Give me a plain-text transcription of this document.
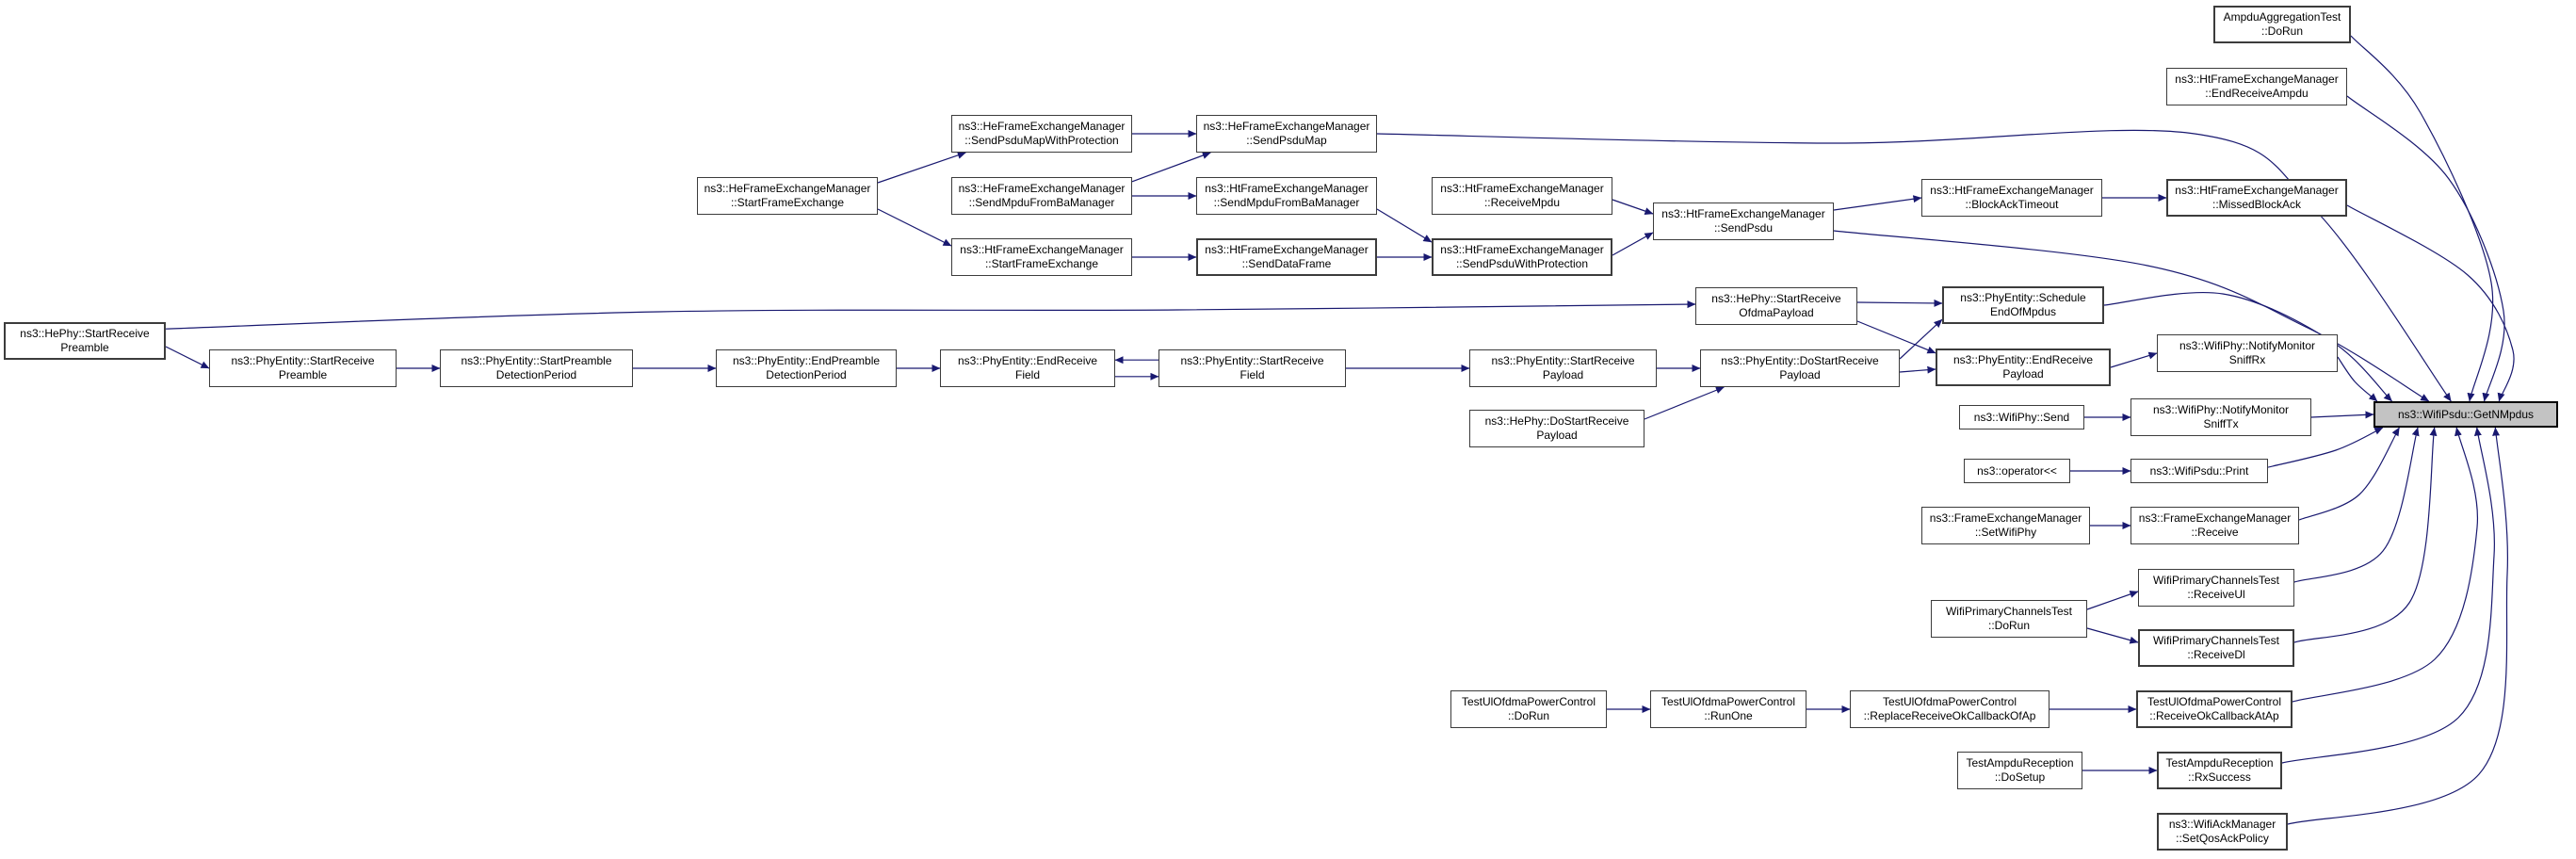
ns3::HePhy::StartReceive
Preamble
ns3::PhyEntity::StartReceive
Preamble
ns3::PhyEntity::StartPreamble
DetectionPeriod
ns3::PhyEntity::EndPreamble
DetectionPeriod
ns3::PhyEntity::EndReceive
Field
ns3::PhyEntity::StartReceive
Field
ns3::PhyEntity::StartReceive
Payload
ns3::PhyEntity::DoStartReceive
Payload
ns3::HePhy::StartReceive
OfdmaPayload
ns3::HePhy::DoStartReceive
Payload
ns3::PhyEntity::Schedule
EndOfMpdus
ns3::PhyEntity::EndReceive
Payload
ns3::WifiPhy::NotifyMonitor
SniffRx
ns3::WifiPhy::NotifyMonitor
SniffTx
ns3::WifiPhy::Send
ns3::operator<<	ns3::WifiPsdu::Print
ns3::FrameExchangeManager
::SetWifiPhy
ns3::FrameExchangeManager
::Receive
WifiPrimaryChannelsTest
::DoRun
WifiPrimaryChannelsTest
::ReceiveUl
WifiPrimaryChannelsTest
::ReceiveDl
TestUlOfdmaPowerControl
::DoRun
TestUlOfdmaPowerControl
::RunOne
TestUlOfdmaPowerControl
::ReplaceReceiveOkCallbackOfAp
TestUlOfdmaPowerControl
::ReceiveOkCallbackAtAp
TestAmpduReception
::DoSetup
TestAmpduReception
::RxSuccess
ns3::WifiAckManager
::SetQosAckPolicy
AmpduAggregationTest
::DoRun
ns3::HtFrameExchangeManager
::EndReceiveAmpdu
ns3::HtFrameExchangeManager
::MissedBlockAck
ns3::HtFrameExchangeManager
::BlockAckTimeout
ns3::HtFrameExchangeManager
::SendPsdu
ns3::HtFrameExchangeManager
::ReceiveMpdu
ns3::HtFrameExchangeManager
::SendPsduWithProtection
ns3::HtFrameExchangeManager
::SendDataFrame
ns3::HtFrameExchangeManager
::SendMpduFromBaManager
ns3::HeFrameExchangeManager
::SendMpduFromBaManager
ns3::HeFrameExchangeManager
::SendPsduMapWithProtection
ns3::HeFrameExchangeManager
::SendPsduMap
ns3::HeFrameExchangeManager
::StartFrameExchange
ns3::HtFrameExchangeManager
::StartFrameExchange
ns3::WifiPsdu::GetNMpdus
